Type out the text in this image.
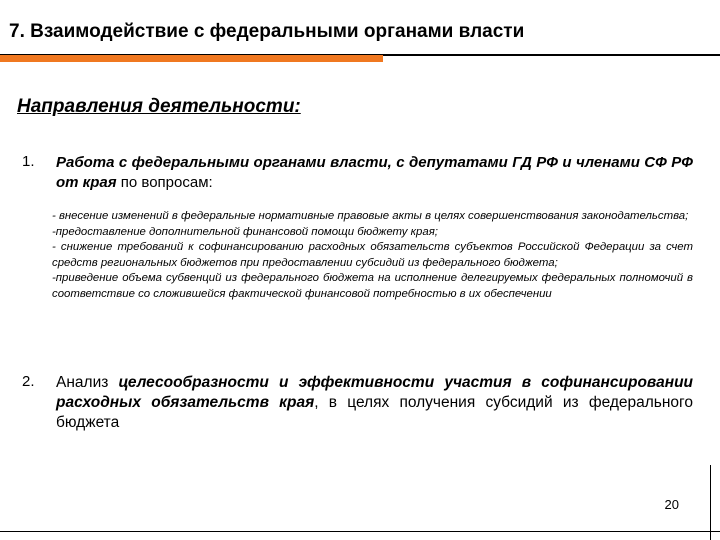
7. Взаимодействие с федеральными органами власти
Направления деятельности:
1. Работа с федеральными органами власти, с депутатами ГД РФ и членами СФ РФ от края по вопросам:

- внесение изменений в федеральные нормативные правовые акты в целях совершенствования законодательства;

-предоставление дополнительной финансовой помощи бюджету края;

- снижение требований к софинансированию расходных обязательств субъектов Российской Федерации за счет средств региональных бюджетов при предоставлении субсидий из федерального бюджета;

-приведение объема субвенций из федерального бюджета на исполнение делегируемых федеральных полномочий в соответствие со сложившейся фактической финансовой потребностью в их обеспечении

2. Анализ целесообразности и эффективности участия в софинансировании расходных обязательств края, в целях получения субсидий из федерального бюджета
20
